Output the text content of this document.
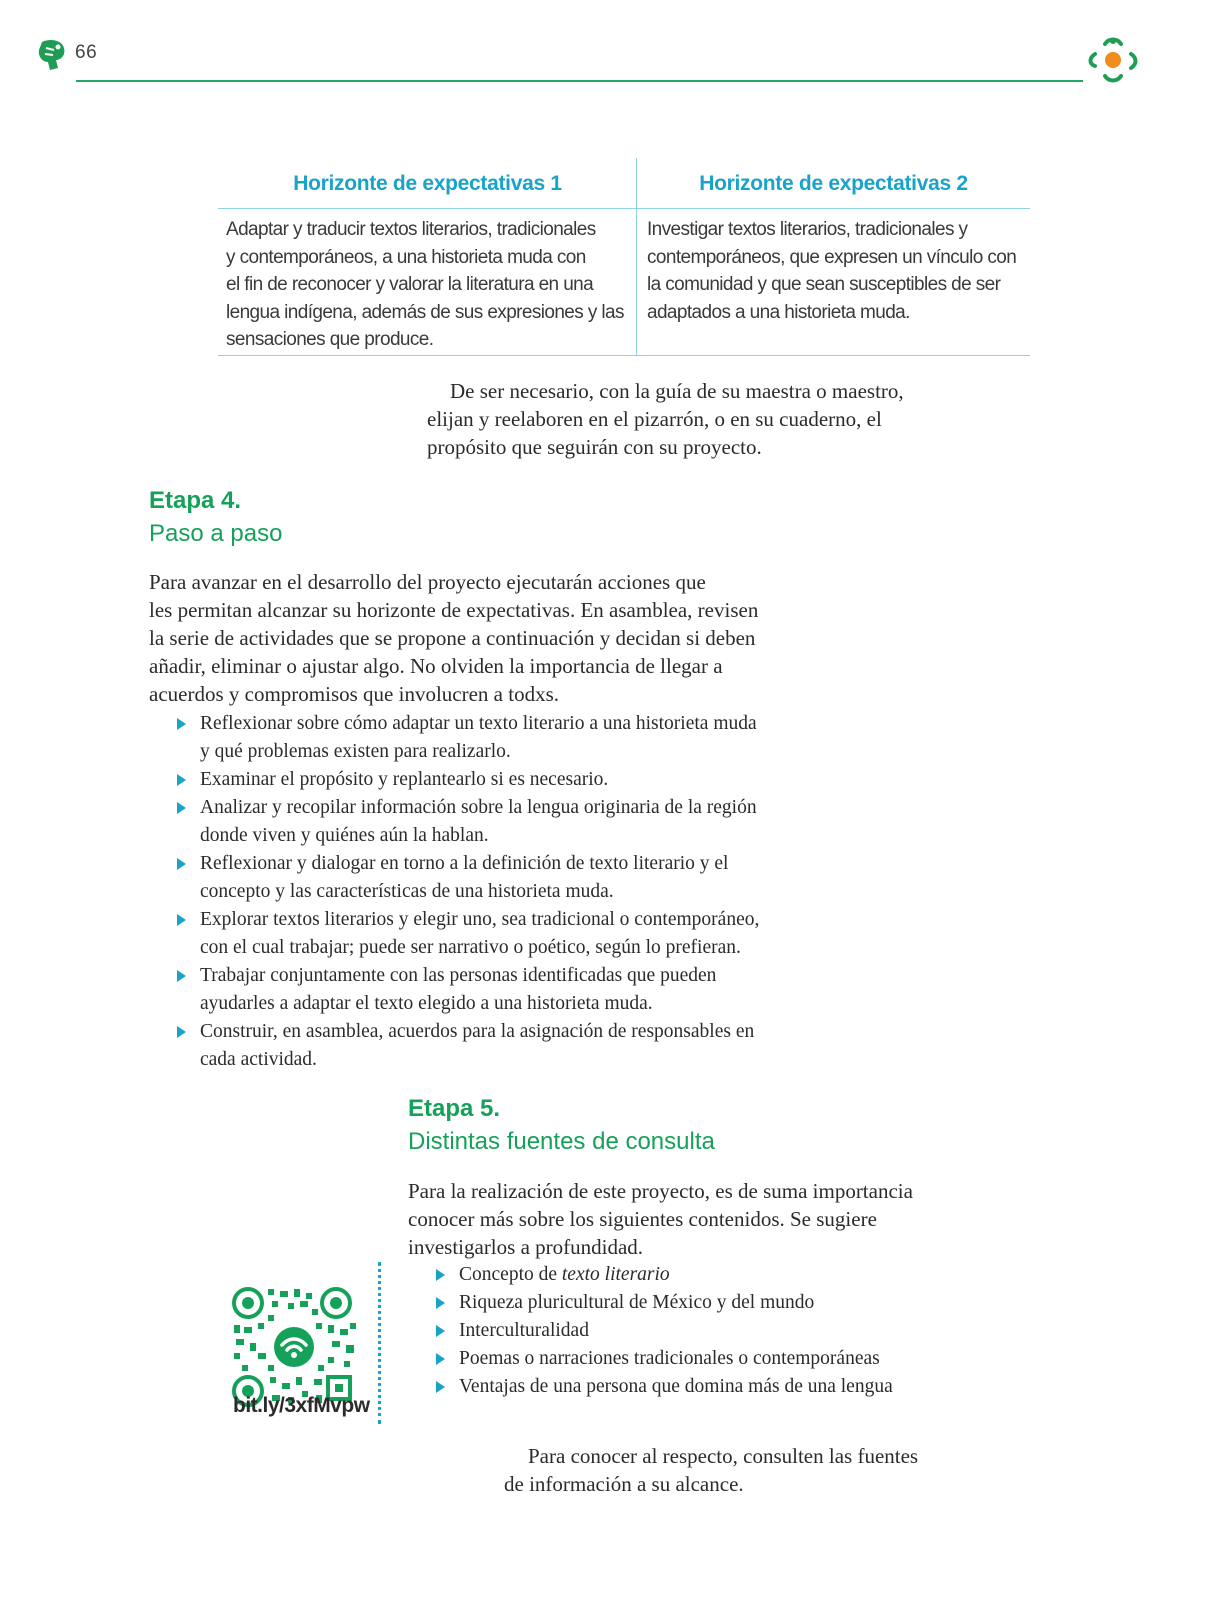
66
Horizonte de expectativas 1
Adaptar y traducir textos literarios, tradicionales
y contemporáneos, a una historieta muda con
el fin de reconocer y valorar la literatura en una
lengua indígena, además de sus expresiones y las
sensaciones que produce.
Horizonte de expectativas 2
Investigar textos literarios, tradicionales y
contemporáneos, que expresen un vínculo con
la comunidad y que sean susceptibles de ser
adaptados a una historieta muda.
De ser necesario, con la guía de su maestra o maestro,
elijan y reelaboren en el pizarrón, o en su cuaderno, el
propósito que seguirán con su proyecto.
Etapa 4.
Paso a paso
Para avanzar en el desarrollo del proyecto ejecutarán acciones que
les permitan alcanzar su horizonte de expectativas. En asamblea, revisen
la serie de actividades que se propone a continuación y decidan si deben
añadir, eliminar o ajustar algo. No olviden la importancia de llegar a
acuerdos y compromisos que involucren a todxs.
Reflexionar sobre cómo adaptar un texto literario a una historieta muda
y qué problemas existen para realizarlo.
Examinar el propósito y replantearlo si es necesario.
Analizar y recopilar información sobre la lengua originaria de la región
donde viven y quiénes aún la hablan.
Reflexionar y dialogar en torno a la definición de texto literario y el
concepto y las características de una historieta muda.
Explorar textos literarios y elegir uno, sea tradicional o contemporáneo,
con el cual trabajar; puede ser narrativo o poético, según lo prefieran.
Trabajar conjuntamente con las personas identificadas que pueden
ayudarles a adaptar el texto elegido a una historieta muda.
Construir, en asamblea, acuerdos para la asignación de responsables en
cada actividad.
Etapa 5.
Distintas fuentes de consulta
Para la realización de este proyecto, es de suma importancia
conocer más sobre los siguientes contenidos. Se sugiere
investigarlos a profundidad.
Concepto de texto literario
Riqueza pluricultural de México y del mundo
Interculturalidad
Poemas o narraciones tradicionales o contemporáneas
Ventajas de una persona que domina más de una lengua
Para conocer al respecto, consulten las fuentes
de información a su alcance.
bit.ly/3xfMvpw
